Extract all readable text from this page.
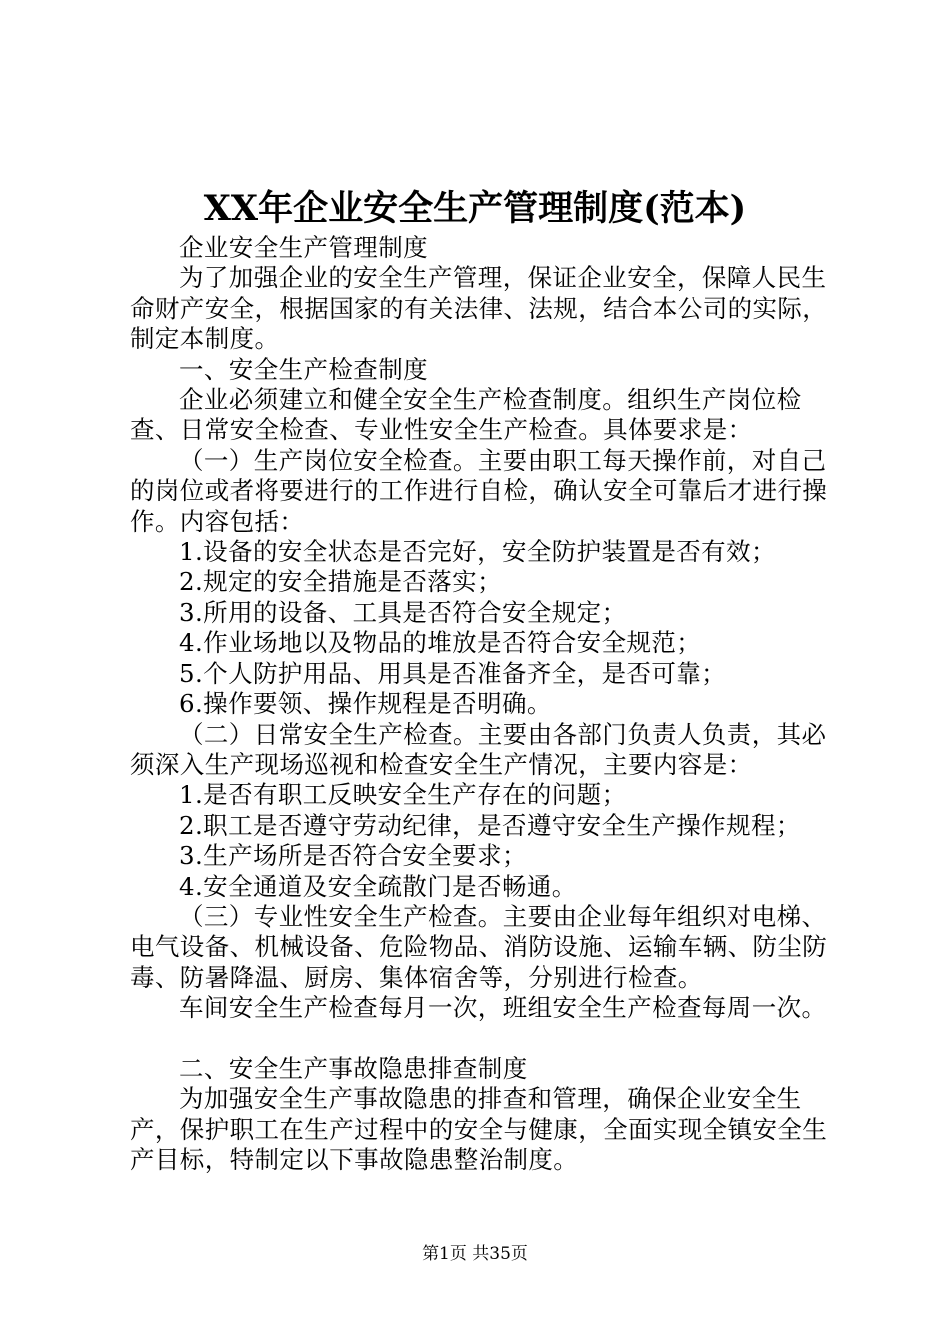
XX年企业安全生产管理制度(范本)

企业安全生产管理制度

为了加强企业的安全生产管理，保证企业安全，保障人民生命财产安全，根据国家的有关法律、法规，结合本公司的实际，制定本制度。

一、安全生产检查制度

企业必须建立和健全安全生产检查制度。组织生产岗位检查、日常安全检查、专业性安全生产检查。具体要求是：

（一）生产岗位安全检查。主要由职工每天操作前，对自己的岗位或者将要进行的工作进行自检，确认安全可靠后才进行操作。内容包括：

1.设备的安全状态是否完好，安全防护装置是否有效；

2.规定的安全措施是否落实；

3.所用的设备、工具是否符合安全规定；

4.作业场地以及物品的堆放是否符合安全规范；

5.个人防护用品、用具是否准备齐全，是否可靠；

6.操作要领、操作规程是否明确。

（二）日常安全生产检查。主要由各部门负责人负责，其必须深入生产现场巡视和检查安全生产情况，主要内容是：

1.是否有职工反映安全生产存在的问题；

2.职工是否遵守劳动纪律，是否遵守安全生产操作规程；

3.生产场所是否符合安全要求；

4.安全通道及安全疏散门是否畅通。

（三）专业性安全生产检查。主要由企业每年组织对电梯、电气设备、机械设备、危险物品、消防设施、运输车辆、防尘防毒、防暑降温、厨房、集体宿舍等，分别进行检查。

车间安全生产检查每月一次，班组安全生产检查每周一次。

二、安全生产事故隐患排查制度

为加强安全生产事故隐患的排查和管理，确保企业安全生产，保护职工在生产过程中的安全与健康，全面实现全镇安全生产目标，特制定以下事故隐患整治制度。

第1页 共35页
